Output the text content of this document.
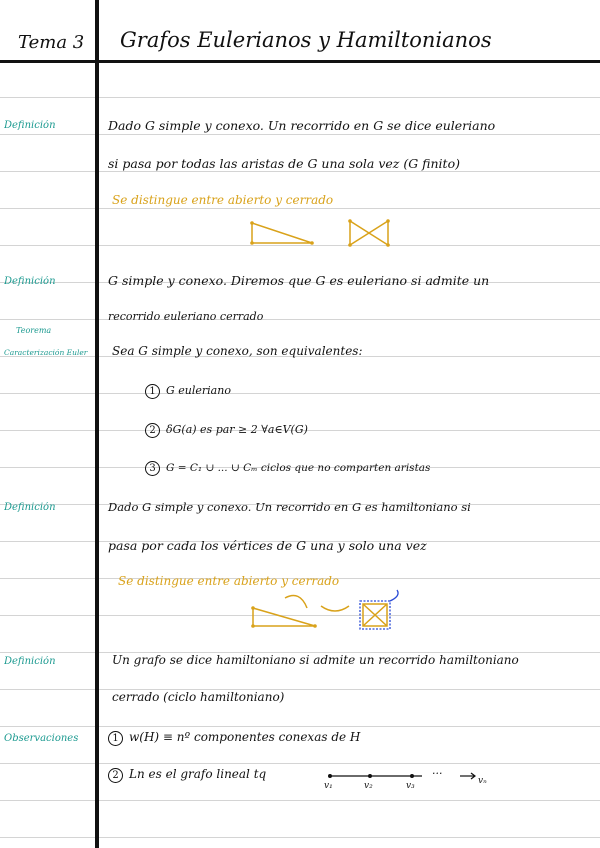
Tema 3 Grafos Eulerianos y Hamiltonianos
Definición	Dado G simple y conexo. Un recorrido en G se dice euleriano
si pasa por todas las aristas de G una sola vez (G finito)
Se distingue entre abierto y cerrado
Definición	G simple y conexo. Diremos que G es euleriano si admite un
recorrido euleriano cerrado
Teorema
Caracterización Euler	Sea G simple y conexo, son equivalentes:
1 G euleriano
2 δG(a) es par ≥ 2 ∀a∈V(G)
3 G = C₁ ∪ ... ∪ Cₘ ciclos que no comparten aristas
Definición	Dado G simple y conexo. Un recorrido en G es hamiltoniano si
pasa por cada los vértices de G una y solo una vez
Se distingue entre abierto y cerrado
Definición	Un grafo se dice hamiltoniano si admite un recorrido hamiltoniano
cerrado (ciclo hamiltoniano)
Observaciones	1 w(H) ≡ nº componentes conexas de H
2 Ln es el grafo lineal tq
v₁	v₂	v₃
···
vₙ
